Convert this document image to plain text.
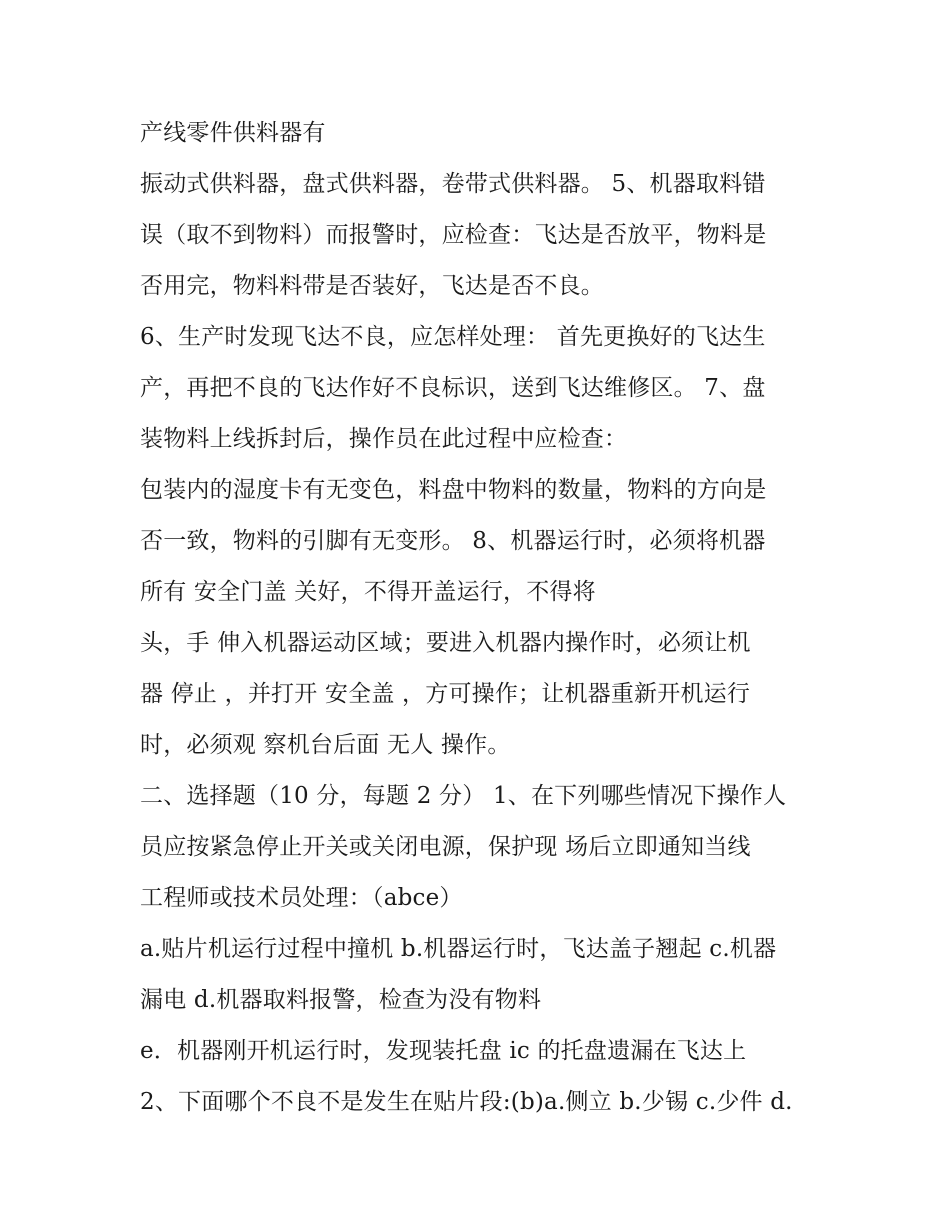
产线零件供料器有
振动式供料器，盘式供料器，卷带式供料器。 5、机器取料错
误（取不到物料）而报警时，应检查：飞达是否放平，物料是
否用完，物料料带是否装好，飞达是否不良。
6、生产时发现飞达不良，应怎样处理： 首先更换好的飞达生
产，再把不良的飞达作好不良标识，送到飞达维修区。 7、盘
装物料上线拆封后，操作员在此过程中应检查：
包装内的湿度卡有无变色，料盘中物料的数量，物料的方向是
否一致，物料的引脚有无变形。 8、机器运行时，必须将机器
所有 安全门盖 关好，不得开盖运行，不得将
头，手 伸入机器运动区域；要进入机器内操作时，必须让机
器 停止 ，并打开 安全盖 ，方可操作；让机器重新开机运行
时，必须观 察机台后面 无人 操作。
二、选择题（10 分，每题 2 分） 1、在下列哪些情况下操作人
员应按紧急停止开关或关闭电源，保护现 场后立即通知当线
工程师或技术员处理：（abce）
a.贴片机运行过程中撞机 b.机器运行时，飞达盖子翘起 c.机器
漏电 d.机器取料报警，检查为没有物料
e．机器刚开机运行时，发现装托盘 ic 的托盘遗漏在飞达上
2、下面哪个不良不是发生在贴片段:(b)a.侧立 b.少锡 c.少件 d.
